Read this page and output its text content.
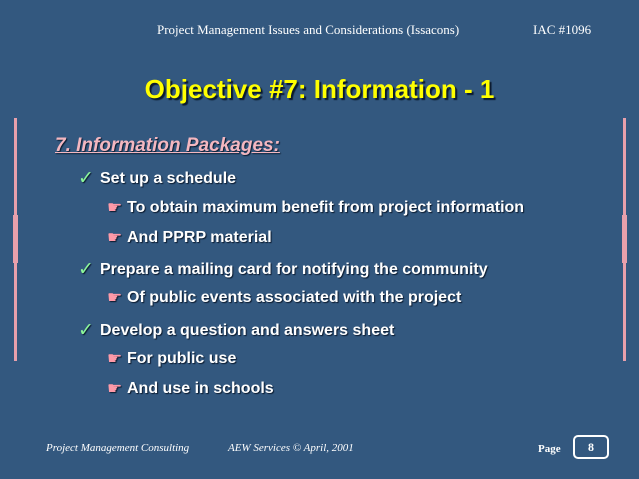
Project Management Issues and Considerations (Issacons)	IAC #1096
Objective #7: Information - 1
7. Information Packages:
✓ Set up a schedule
☛ To obtain maximum benefit from project information
☛ And PPRP material
✓ Prepare a mailing card for notifying the community
☛ Of public events associated with the project
✓ Develop a question and answers sheet
☛ For public use
☛ And use in schools
Project Management Consulting	AEW Services © April, 2001	Page 8
